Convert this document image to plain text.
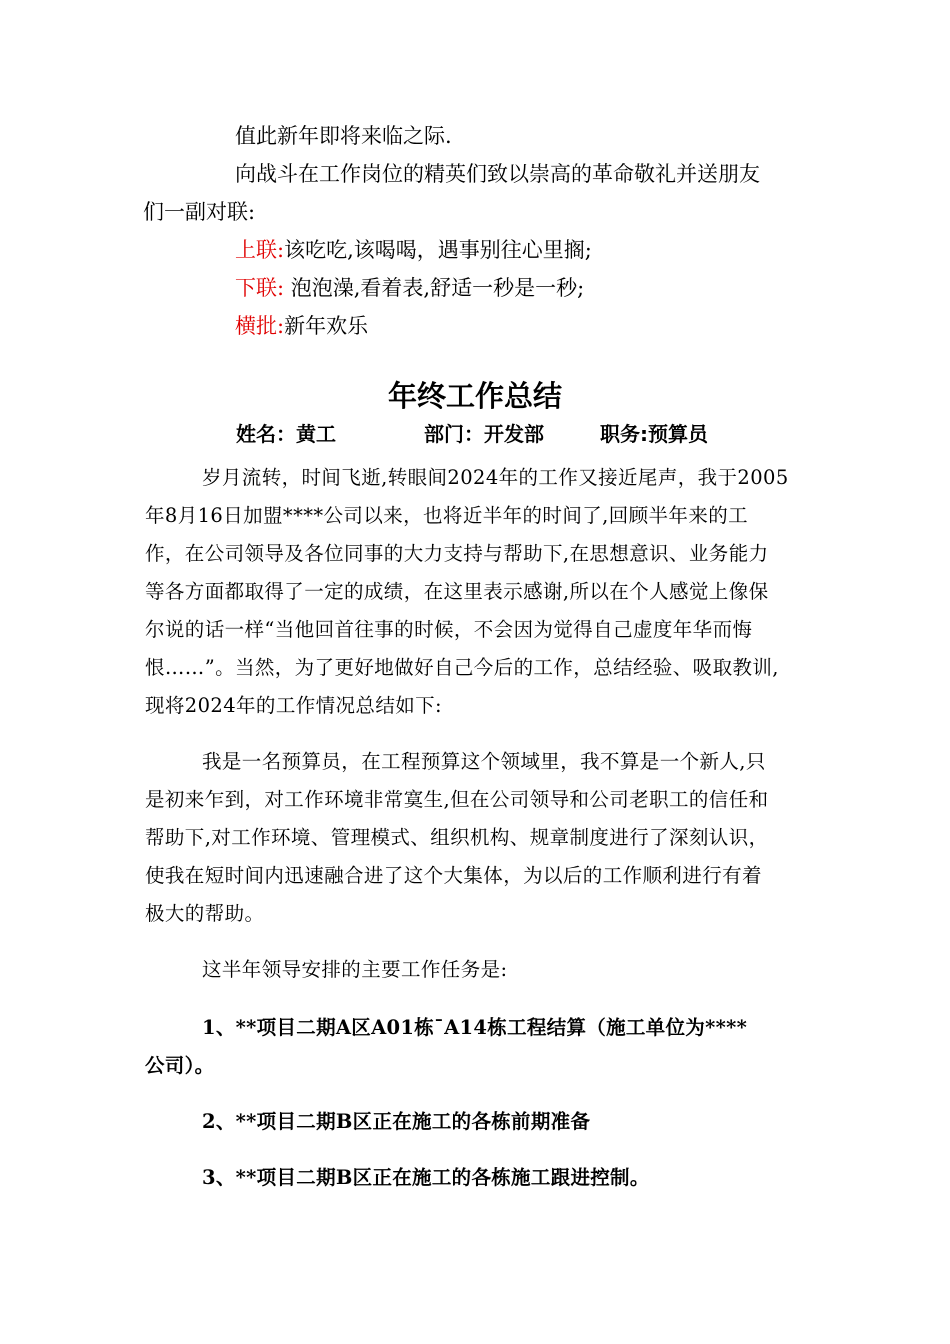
值此新年即将来临之际.
向战斗在工作岗位的精英们致以崇高的革命敬礼并送朋友
们一副对联:
上联:该吃吃,该喝喝，遇事别往心里搁;
下联: 泡泡澡,看着表,舒适一秒是一秒;
横批:新年欢乐
年终工作总结
姓名：黄工	部门：开发部	职务:预算员
岁月流转，时间飞逝,转眼间2024年的工作又接近尾声，我于2005
年8月16日加盟****公司以来，也将近半年的时间了,回顾半年来的工
作，在公司领导及各位同事的大力支持与帮助下,在思想意识、业务能力
等各方面都取得了一定的成绩，在这里表示感谢,所以在个人感觉上像保
尔说的话一样“当他回首往事的时候，不会因为觉得自己虚度年华而悔
恨……”。当然，为了更好地做好自己今后的工作，总结经验、吸取教训,
现将2024年的工作情况总结如下:
我是一名预算员，在工程预算这个领域里，我不算是一个新人,只
是初来乍到，对工作环境非常寞生,但在公司领导和公司老职工的信任和
帮助下,对工作环境、管理模式、组织机构、规章制度进行了深刻认识，
使我在短时间内迅速融合进了这个大集体，为以后的工作顺利进行有着
极大的帮助。
这半年领导安排的主要工作任务是:
1、**项目二期A区A01栋¯A14栋工程结算（施工单位为****
公司）。
2、**项目二期B区正在施工的各栋前期准备
3、**项目二期B区正在施工的各栋施工跟进控制。
